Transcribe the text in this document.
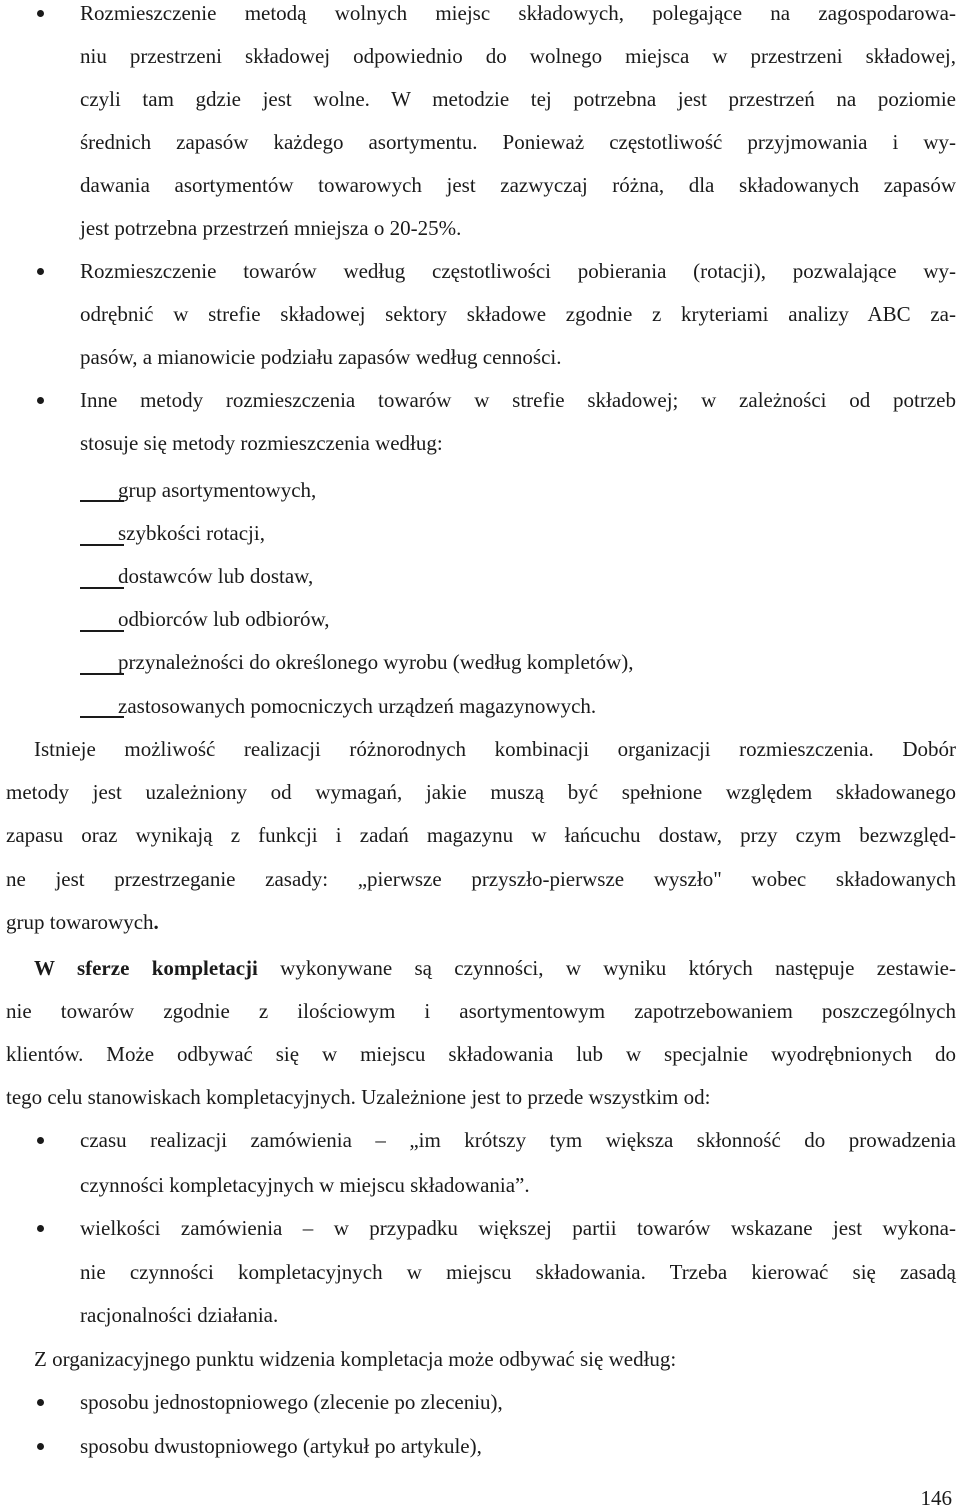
Rozmieszczenie metodą wolnych miejsc składowych, polegające na zagospodarowa-
niu przestrzeni składowej odpowiednio do wolnego miejsca w przestrzeni składowej,
czyli tam gdzie jest wolne. W metodzie tej potrzebna jest przestrzeń na poziomie
średnich zapasów każdego asortymentu. Ponieważ częstotliwość przyjmowania i wy-
dawania asortymentów towarowych jest zazwyczaj różna, dla składowanych zapasów
jest potrzebna przestrzeń mniejsza o 20-25%.
Rozmieszczenie towarów według częstotliwości pobierania (rotacji), pozwalające wy-
odrębnić w strefie składowej sektory składowe zgodnie z kryteriami analizy ABC za-
pasów, a mianowicie podziału zapasów według cenności.
Inne metody rozmieszczenia towarów w strefie składowej; w zależności od potrzeb
stosuje się metody rozmieszczenia według:
grup asortymentowych,
szybkości rotacji,
dostawców lub dostaw,
odbiorców lub odbiorów,
przynależności do określonego wyrobu (według kompletów),
zastosowanych pomocniczych urządzeń magazynowych.
Istnieje możliwość realizacji różnorodnych kombinacji organizacji rozmieszczenia. Dobór
metody jest uzależniony od wymagań, jakie muszą być spełnione względem składowanego
zapasu oraz wynikają z funkcji i zadań magazynu w łańcuchu dostaw, przy czym bezwzględ-
ne jest przestrzeganie zasady: „pierwsze przyszło-pierwsze wyszło" wobec składowanych
grup towarowych.
W sferze kompletacji wykonywane są czynności, w wyniku których następuje zestawie-
nie towarów zgodnie z ilościowym i asortymentowym zapotrzebowaniem poszczególnych
klientów. Może odbywać się w miejscu składowania lub w specjalnie wyodrębnionych do
tego celu stanowiskach kompletacyjnych. Uzależnione jest to przede wszystkim od:
czasu realizacji zamówienia – „im krótszy tym większa skłonność do prowadzenia
czynności kompletacyjnych w miejscu składowania”.
wielkości zamówienia – w przypadku większej partii towarów wskazane jest wykona-
nie czynności kompletacyjnych w miejscu składowania. Trzeba kierować się zasadą
racjonalności działania.
Z organizacyjnego punktu widzenia kompletacja może odbywać się według:
sposobu jednostopniowego (zlecenie po zleceniu),
sposobu dwustopniowego (artykuł po artykule),
146
